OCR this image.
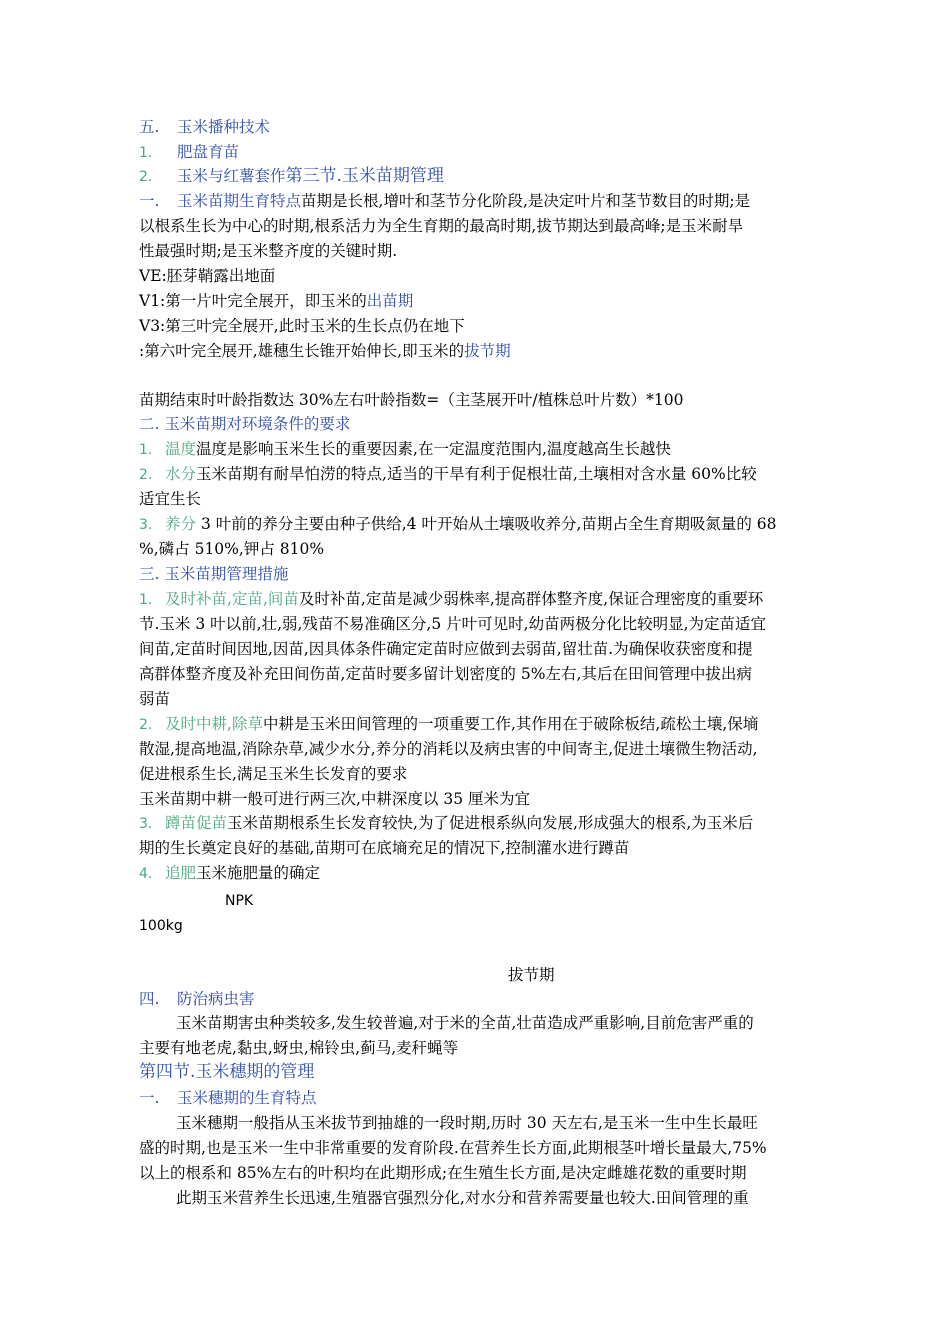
五. 玉米播种技术
1. 肥盘育苗
2. 玉米与红薯套作第三节.玉米苗期管理
一. 玉米苗期生育特点苗期是长根,增叶和茎节分化阶段,是决定叶片和茎节数目的时期;是
以根系生长为中心的时期,根系活力为全生育期的最高时期,拔节期达到最高峰;是玉米耐旱
性最强时期;是玉米整齐度的关键时期.
VE:胚芽鞘露出地面
V1:第一片叶完全展开，即玉米的出苗期
V3:第三叶完全展开,此时玉米的生长点仍在地下
:第六叶完全展开,雄穗生长锥开始伸长,即玉米的拔节期
苗期结束时叶龄指数达 30%左右叶龄指数=（主茎展开叶/植株总叶片数）*100
二. 玉米苗期对环境条件的要求
1. 温度温度是影响玉米生长的重要因素,在一定温度范围内,温度越高生长越快
2. 水分玉米苗期有耐旱怕涝的特点,适当的干旱有利于促根壮苗,土壤相对含水量 60%比较
适宜生长
3. 养分 3 叶前的养分主要由种子供给,4 叶开始从土壤吸收养分,苗期占全生育期吸氮量的 68
%,磷占 510%,钾占 810%
三. 玉米苗期管理措施
1. 及时补苗,定苗,间苗及时补苗,定苗是减少弱株率,提高群体整齐度,保证合理密度的重要环
节.玉米 3 叶以前,壮,弱,残苗不易准确区分,5 片叶可见时,幼苗两极分化比较明显,为定苗适宜
间苗,定苗时间因地,因苗,因具体条件确定定苗时应做到去弱苗,留壮苗.为确保收获密度和提
高群体整齐度及补充田间伤苗,定苗时要多留计划密度的 5%左右,其后在田间管理中拔出病
弱苗
2. 及时中耕,除草中耕是玉米田间管理的一项重要工作,其作用在于破除板结,疏松土壤,保墒
散湿,提高地温,消除杂草,减少水分,养分的消耗以及病虫害的中间寄主,促进土壤微生物活动,
促进根系生长,满足玉米生长发育的要求
玉米苗期中耕一般可进行两三次,中耕深度以 35 厘米为宜
3. 蹲苗促苗玉米苗期根系生长发育较快,为了促进根系纵向发展,形成强大的根系,为玉米后
期的生长奠定良好的基础,苗期可在底墒充足的情况下,控制灌水进行蹲苗
4. 追肥玉米施肥量的确定
NPK
100kg
拔节期
四. 防治病虫害
玉米苗期害虫种类较多,发生较普遍,对于米的全苗,壮苗造成严重影响,目前危害严重的
主要有地老虎,黏虫,蚜虫,棉铃虫,蓟马,麦秆蝇等
第四节.玉米穗期的管理
一. 玉米穗期的生育特点
玉米穗期一般指从玉米拔节到抽雄的一段时期,历时 30 天左右,是玉米一生中生长最旺
盛的时期,也是玉米一生中非常重要的发育阶段.在营养生长方面,此期根茎叶增长量最大,75%
以上的根系和 85%左右的叶积均在此期形成;在生殖生长方面,是决定雌雄花数的重要时期
此期玉米营养生长迅速,生殖器官强烈分化,对水分和营养需要量也较大.田间管理的重
